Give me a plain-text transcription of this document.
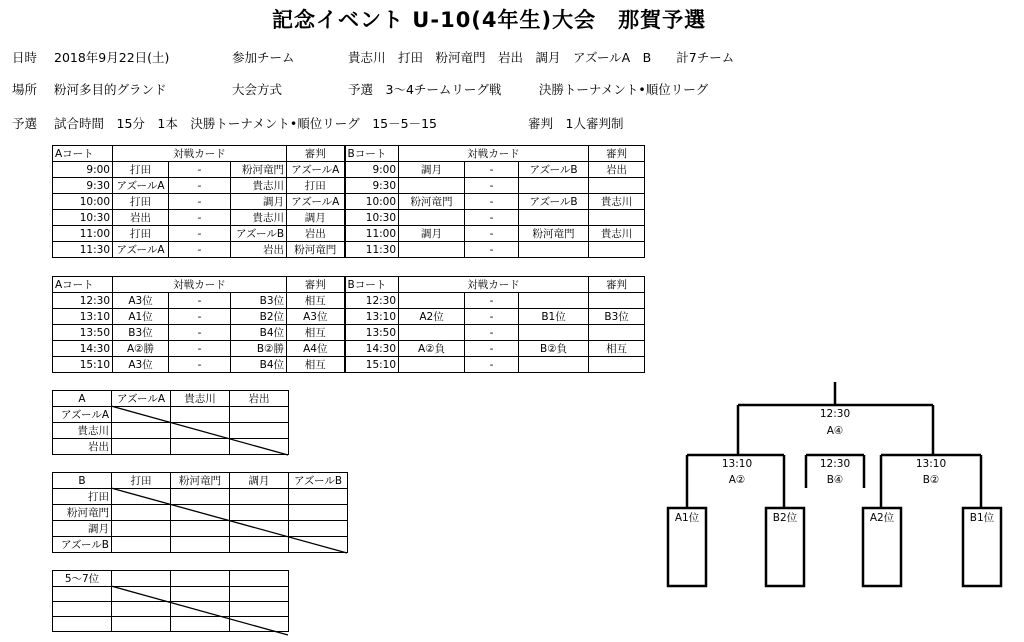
記念イベント U-10(4年生)大会　那賀予選
日時 2018年9月22日(土)	参加チーム	貴志川　打田　粉河竜門　岩出　調月　アズールA　B　　計7チーム
場所 粉河多目的グランド	大会方式	予選　3～4チームリーグ戦　　　決勝トーナメント•順位リーグ
予選 試合時間　15分　1本　決勝トーナメント•順位リーグ　15－5－15	審判　1人審判制
Aコート	対戦カード			審判	Bコート	対戦カード			審判
9:00	打田	-	粉河竜門	アズールA	9:00	調月	-	アズールB	岩出
9:30	アズールA	-	貴志川	打田	9:30		-		
10:00	打田	-	調月	アズールA	10:00	粉河竜門	-	アズールB	貴志川
10:30	岩出	-	貴志川	調月	10:30		-		
11:00	打田	-	アズールB	岩出	11:00	調月	-	粉河竜門	貴志川
11:30	アズールA	-	岩出	粉河竜門	11:30		-		
Aコート	対戦カード			審判	Bコート	対戦カード			審判
12:30	A3位	-	B3位	相互	12:30		-		
13:10	A1位	-	B2位	A3位	13:10	A2位	-	B1位	B3位
13:50	B3位	-	B4位	相互	13:50		-		
14:30	A②勝	-	B②勝	A4位	14:30	A②負	-	B②負	相互
15:10	A3位	-	B4位	相互	15:10		-		
A	アズールA	貴志川	岩出
アズールA			
貴志川			
岩出			
B	打田	粉河竜門	調月	アズールB
打田				
粉河竜門				
調月				
アズールB				
5～7位			

12:30
A④
13:10
A②
12:30
B④
13:10
B②
A1位	B2位	A2位	B1位
